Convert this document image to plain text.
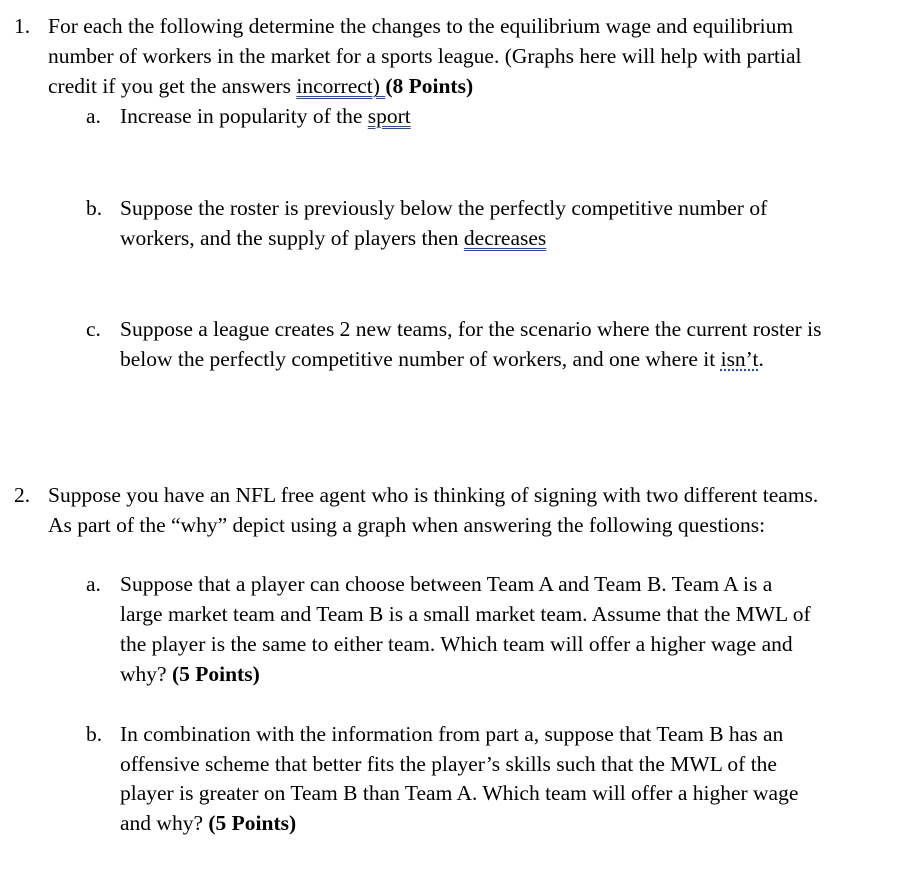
1. For each the following determine the changes to the equilibrium wage and equilibrium
number of workers in the market for a sports league. (Graphs here will help with partial
credit if you get the answers incorrect) (8 Points)
a. Increase in popularity of the sport
b. Suppose the roster is previously below the perfectly competitive number of
workers, and the supply of players then decreases
c. Suppose a league creates 2 new teams, for the scenario where the current roster is
below the perfectly competitive number of workers, and one where it isn’t.
2. Suppose you have an NFL free agent who is thinking of signing with two different teams.
As part of the “why” depict using a graph when answering the following questions:
a. Suppose that a player can choose between Team A and Team B. Team A is a
large market team and Team B is a small market team. Assume that the MWL of
the player is the same to either team. Which team will offer a higher wage and
why? (5 Points)
b. In combination with the information from part a, suppose that Team B has an
offensive scheme that better fits the player’s skills such that the MWL of the
player is greater on Team B than Team A. Which team will offer a higher wage
and why? (5 Points)
